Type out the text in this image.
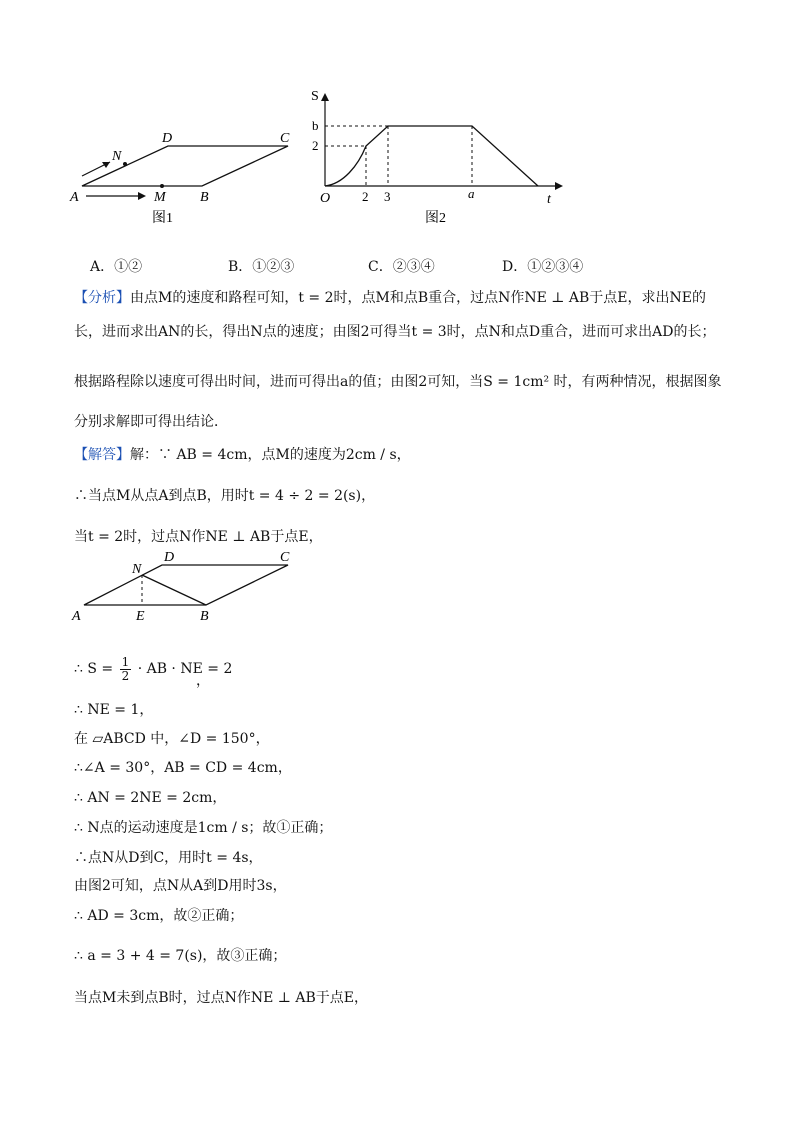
A	B
C
D
M
N
图1
S
t
O
2
b
2 3	a
图2
A．①②	B．①②③	C．②③④	D．①②③④
【分析】由点M的速度和路程可知，t = 2时，点M和点B重合，过点N作NE ⊥ AB于点E，求出NE的
长，进而求出AN的长，得出N点的速度；由图2可得当t = 3时，点N和点D重合，进而可求出AD的长；
根据路程除以速度可得出时间，进而可得出a的值；由图2可知，当S = 1cm² 时，有两种情况，根据图象
分别求解即可得出结论．
【解答】解：∵ AB = 4cm，点M的速度为2cm / s，
∴当点M从点A到点B，用时t = 4 ÷ 2 = 2(s)，
当t = 2时，过点N作NE ⊥ AB于点E，
A	B
C
D
N
E
∴ $S = \frac{1}{2}$ · AB · NE = 2
，
∴ NE = 1，
在 ▱ABCD 中，∠D = 150°，
∴∠A = 30°，AB = CD = 4cm，
∴ AN = 2NE = 2cm，
∴ N点的运动速度是1cm / s；故①正确；
∴点N从D到C，用时t = 4s，
由图2可知，点N从A到D用时3s，
∴ AD = 3cm，故②正确；
∴ a = 3 + 4 = 7(s)，故③正确；
当点M未到点B时，过点N作NE ⊥ AB于点E，
